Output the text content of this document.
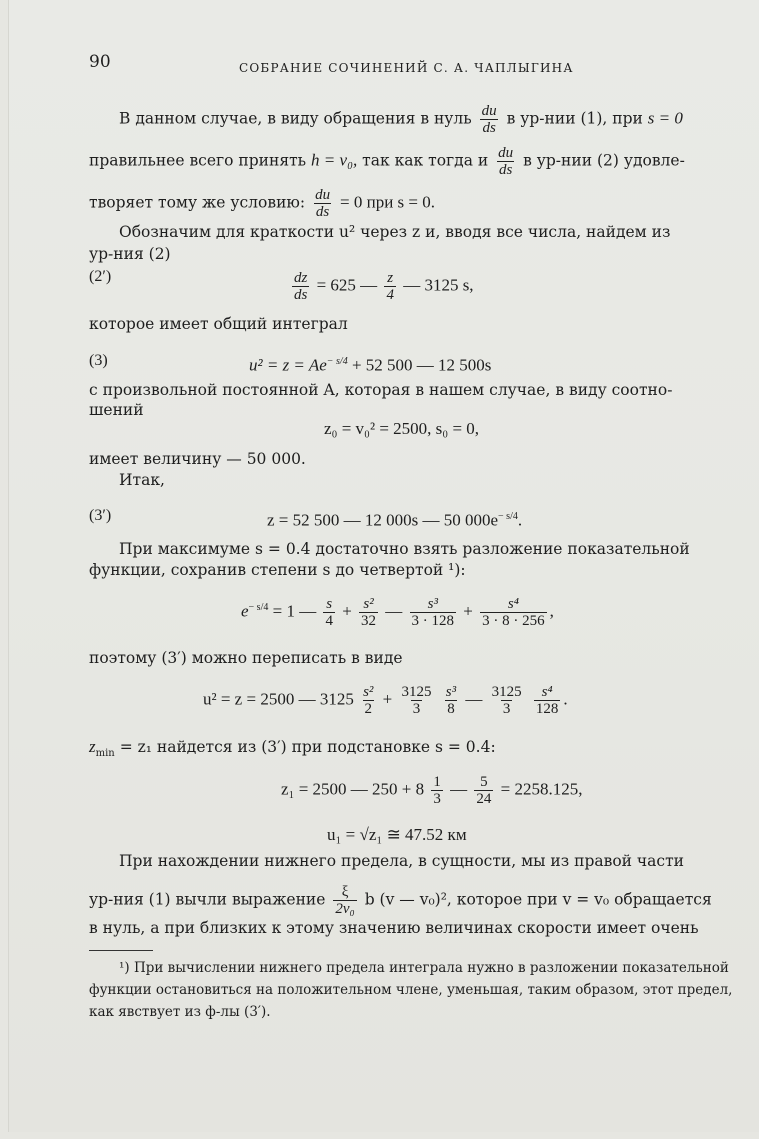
90	СОБРАНИЕ СОЧИНЕНИЙ С. А. ЧАПЛЫГИНА
В данном случае, в виду обращения в нуль $\frac{du}{ds}$ в ур-нии (1), при s = 0
правильнее всего принять h = v₀, так как тогда и $\frac{du}{ds}$ в ур-нии (2) удовле-
творяет тому же условию: $\frac{du}{ds} = 0$ при s = 0.
Обозначим для краткости u² через z и, вводя все числа, найдем из
ур-ния (2)
(2′)	$\frac{dz}{ds} = 625$ — $\frac{z}{4}$ — 3125 s,
которое имеет общий интеграл
(3)	$u^2 = z = Ae^{- s/4} + 52$ 500 — 12 500s
с произвольной постоянной A, которая в нашем случае, в виду соотно-
шений
z₀ = v₀² = 2500, s₀ = 0,
имеет величину — 50 000.
Итак,
(3′)	z = 52 500 — 12 000s — 50 $000e^{- s/4}$.
При максимуме s = 0.4 достаточно взять разложение показательной
функции, сохранив степени s до четвертой ¹):
$e^{- s/4} = 1$ — $\frac{s}{4} + \frac{\text{s²}}{32}$ — $\frac{\text{s³}}{3 \cdot 128} + \frac{\text{s⁴}}{3 \cdot 8 \cdot 256}$ ,
поэтому (3′) можно переписать в виде
u² = z = 2500 — $3125 \frac{\text{s²}}{2} + \frac{3125}{3}$
$\frac{\text{s³}}{8}$ — $\frac{3125}{3}$
$\frac{\text{s⁴}}{128}$ .
$z_{min} = z_1$ найдется из (3′) при подстановке s = 0.4:
z₁ = 2500 — $250 + 8 \frac{1}{3}$ — $\frac{5}{24} = 2258.125$,
u₁ = √z₁ ≅ 47.52 км
При нахождении нижнего предела, в сущности, мы из правой части
ур-ния (1) вычли выражение $\frac{\xi}{\text{2v₀}}$ b (v — v₀)², которое при v = v₀ обращается
в нуль, а при близких к этому значению величинах скорости имеет очень
¹) При вычислении нижнего предела интеграла нужно в разложении показательной
функции остановиться на положительном члене, уменьшая, таким образом, этот предел,
как явствует из ф-лы (3′).
